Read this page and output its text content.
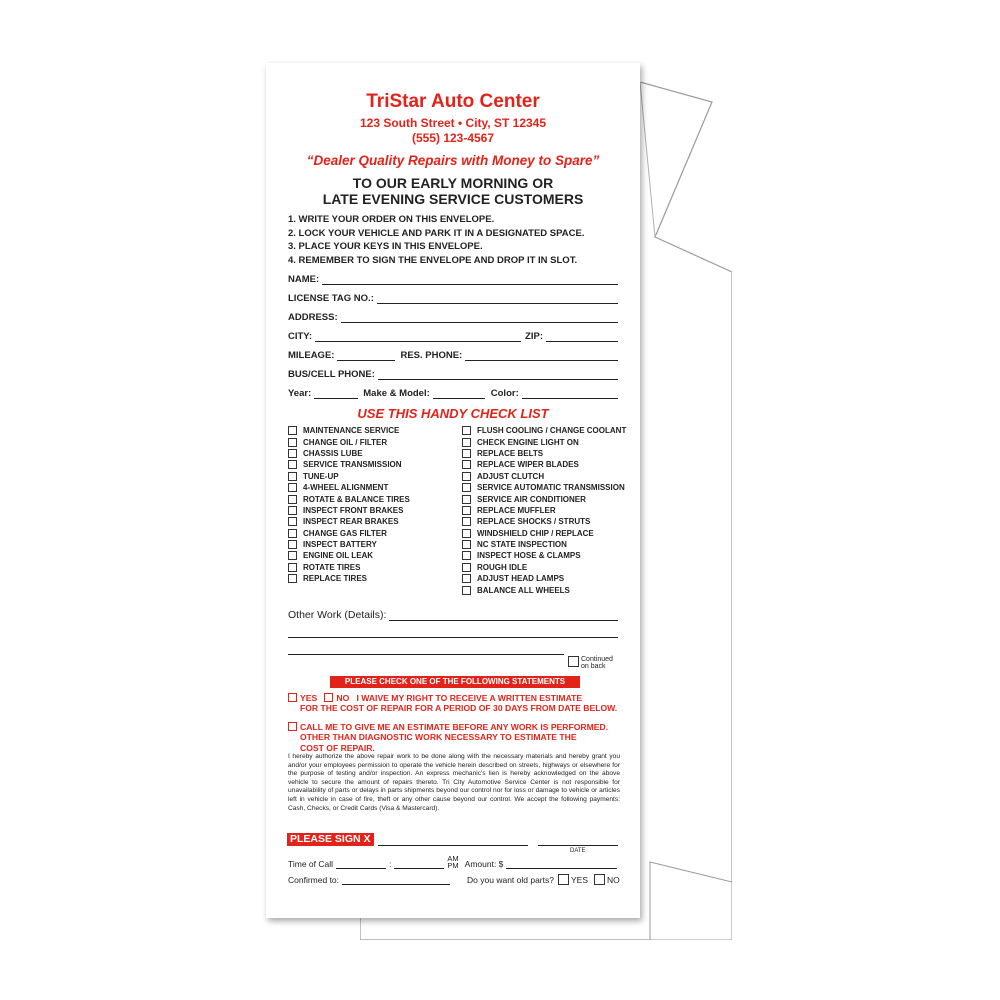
TriStar Auto Center
123 South Street • City, ST 12345
(555) 123-4567
“Dealer Quality Repairs with Money to Spare”
TO OUR EARLY MORNING OR
LATE EVENING SERVICE CUSTOMERS
1. WRITE YOUR ORDER ON THIS ENVELOPE.
2. LOCK YOUR VEHICLE AND PARK IT IN A DESIGNATED SPACE.
3. PLACE YOUR KEYS IN THIS ENVELOPE.
4. REMEMBER TO SIGN THE ENVELOPE AND DROP IT IN SLOT.
NAME:
LICENSE TAG NO.:
ADDRESS:
CITY:	ZIP:
MILEAGE:	RES. PHONE:
BUS/CELL PHONE:
Year:	Make & Model:	Color:
USE THIS HANDY CHECK LIST
MAINTENANCE SERVICE
CHANGE OIL / FILTER
CHASSIS LUBE
SERVICE TRANSMISSION
TUNE-UP
4-WHEEL ALIGNMENT
ROTATE & BALANCE TIRES
INSPECT FRONT BRAKES
INSPECT REAR BRAKES
CHANGE GAS FILTER
INSPECT BATTERY
ENGINE OIL LEAK
ROTATE TIRES
REPLACE TIRES
FLUSH COOLING / CHANGE COOLANT
CHECK ENGINE LIGHT ON
REPLACE BELTS
REPLACE WIPER BLADES
ADJUST CLUTCH
SERVICE AUTOMATIC TRANSMISSION
SERVICE AIR CONDITIONER
REPLACE MUFFLER
REPLACE SHOCKS / STRUTS
WINDSHIELD CHIP / REPLACE
NC STATE INSPECTION
INSPECT HOSE & CLAMPS
ROUGH IDLE
ADJUST HEAD LAMPS
BALANCE ALL WHEELS
Other Work (Details):
Continued
on back
PLEASE CHECK ONE OF THE FOLLOWING STATEMENTS
YES NO I WAIVE MY RIGHT TO RECEIVE A WRITTEN ESTIMATE
FOR THE COST OF REPAIR FOR A PERIOD OF 30 DAYS FROM DATE BELOW.
CALL ME TO GIVE ME AN ESTIMATE BEFORE ANY WORK IS PERFORMED.
OTHER THAN DIAGNOSTIC WORK NECESSARY TO ESTIMATE THE
COST OF REPAIR.
I hereby authorize the above repair work to be done along with the necessary materials and hereby grant you and/or your employees permission to operate the vehicle herein described on streets, highways or elsewhere for the purpose of testing and/or inspection. An express mechanic's lien is hereby acknowledged on the above vehicle to secure the amount of repairs thereto. Tri City Automotive Service Center is not responsible for unavailability of parts or delays in parts shipments beyond our control nor for loss or damage to vehicle or articles left in vehicle in case of fire, theft or any other cause beyond our control. We accept the following payments: Cash, Checks, or Credit Cards (Visa & Mastercard).
PLEASE SIGN X
DATE
Time of Call	:
AM
PM Amount: $
Confirmed to:	Do you want old parts? YES NO
